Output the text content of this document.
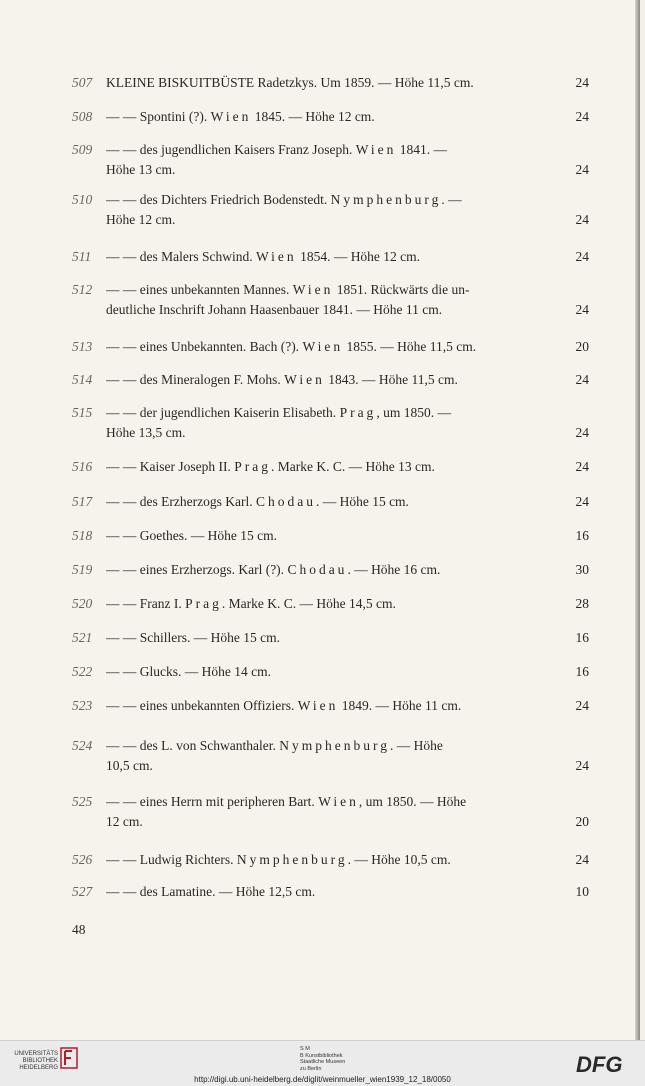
507	KLEINE BISKUITBÜSTE Radetzkys. Um 1859. — Höhe 11,5 cm.	24
508	— — Spontini (?). Wien 1845. — Höhe 12 cm.	24
509	— — des jugendlichen Kaisers Franz Joseph. Wien 1841. —
Höhe 13 cm.	24
510	— — des Dichters Friedrich Bodenstedt. Nymphenburg. —
Höhe 12 cm.	24
511	— — des Malers Schwind. Wien 1854. — Höhe 12 cm.	24
512	— — eines unbekannten Mannes. Wien 1851. Rückwärts die un-
deutliche Inschrift Johann Haasenbauer 1841. — Höhe 11 cm.	24
513	— — eines Unbekannten. Bach (?). Wien 1855. — Höhe 11,5 cm.	20
514	— — des Mineralogen F. Mohs. Wien 1843. — Höhe 11,5 cm.	24
515	— — der jugendlichen Kaiserin Elisabeth. Prag, um 1850. —
Höhe 13,5 cm.	24
516	— — Kaiser Joseph II. Prag. Marke K. C. — Höhe 13 cm.	24
517	— — des Erzherzogs Karl. Chodau. — Höhe 15 cm.	24
518	— — Goethes. — Höhe 15 cm.	16
519	— — eines Erzherzogs. Karl (?). Chodau. — Höhe 16 cm.	30
520	— — Franz I. Prag. Marke K. C. — Höhe 14,5 cm.	28
521	— — Schillers. — Höhe 15 cm.	16
522	— — Glucks. — Höhe 14 cm.	16
523	— — eines unbekannten Offiziers. Wien 1849. — Höhe 11 cm.	24
524	— — des L. von Schwanthaler. Nymphenburg. — Höhe
10,5 cm.	24
525	— — eines Herrn mit peripheren Bart. Wien, um 1850. — Höhe
12 cm.	20
526	— — Ludwig Richters. Nymphenburg. — Höhe 10,5 cm.	24
527	— — des Lamatine. — Höhe 12,5 cm.	10
48
UNIVERSITÄTS
BIBLIOTHEK
HEIDELBERG
S M
B Kunstbibliothek
Staatliche Museen
zu Berlin	DFG
http://digi.ub.uni-heidelberg.de/diglit/weinmueller_wien1939_12_18/0050
